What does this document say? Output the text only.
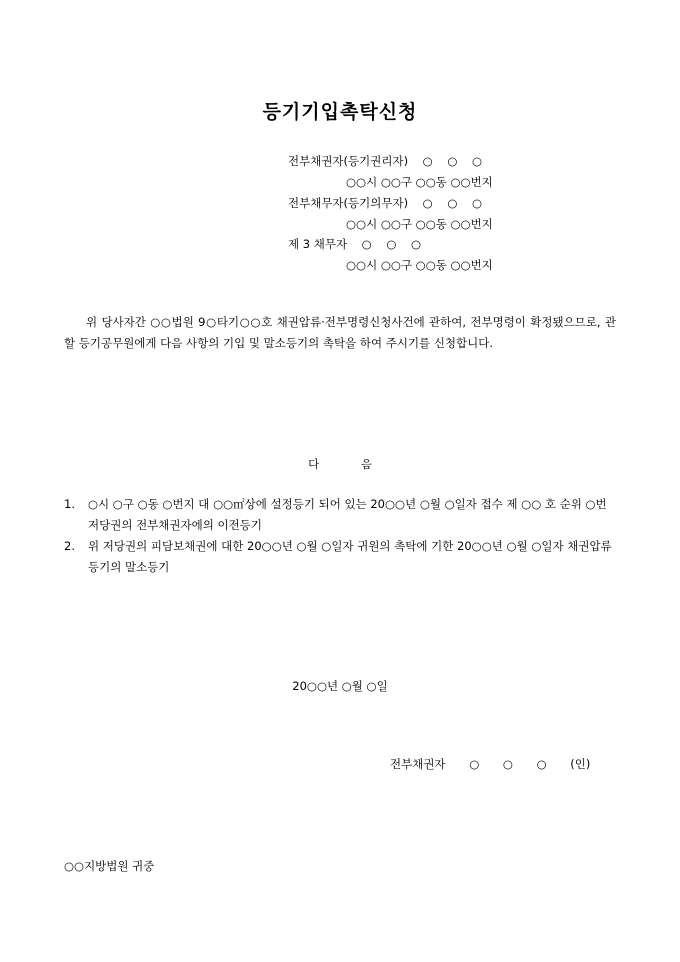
등기기입촉탁신청
전부채권자(등기권리자)    ○    ○    ○
○○시 ○○구 ○○동 ○○번지
전부채무자(등기의무자)    ○    ○    ○
○○시 ○○구 ○○동 ○○번지
제 3 채무자    ○    ○    ○
○○시 ○○구 ○○동 ○○번지
위 당사자간 ○○법원 9○타기○○호 채권압류·전부명령신청사건에 관하여, 전부명령이 확정됐으므로, 관할 등기공무원에게 다음 사항의 기입 및 말소등기의 촉탁을 하여 주시기를 신청합니다.
다 음
1.	○시 ○구 ○동 ○번지 대 ○○㎡상에 설정등기 되어 있는 20○○년 ○월 ○일자 접수 제 ○○ 호 순위 ○번 저당권의 전부채권자에의 이전등기
2.	위 저당권의 피담보채권에 대한 20○○년 ○월 ○일자 귀원의 촉탁에 기한 20○○년 ○월 ○일자 채권압류등기의 말소등기
20○○년 ○월 ○일
전부채권자 ○ ○ ○ (인)
○○지방법원 귀중
